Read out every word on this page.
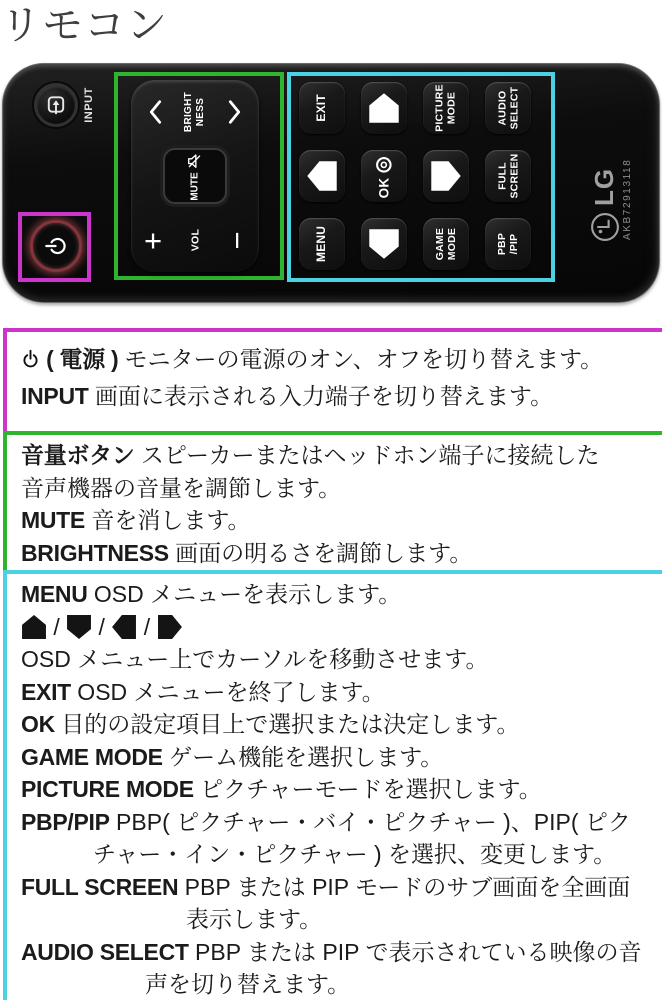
リモコン
INPUT	BRIGHT NESS
MUTE
+	VOL −
EXIT	PICTURE MODE	AUDIO SELECT
OK	FULL SCREEN
MENU	GAME MODE	PBP /PIP
LG AKB72913118
( 電源 ) モニターの電源のオン、オフを切り替えます。
INPUT 画面に表示される入力端子を切り替えます。
音量ボタン スピーカーまたはヘッドホン端子に接続した
音声機器の音量を調節します。
MUTE 音を消します。
BRIGHTNESS 画面の明るさを調節します。
MENU OSD メニューを表示します。
/
/
/
OSD メニュー上でカーソルを移動させます。
EXIT OSD メニューを終了します。
OK 目的の設定項目上で選択または決定します。
GAME MODE ゲーム機能を選択します。
PICTURE MODE ピクチャーモードを選択します。
PBP/PIP PBP( ピクチャー・バイ・ピクチャー )、PIP( ピク
チャー・イン・ピクチャー ) を選択、変更します。
FULL SCREEN PBP または PIP モードのサブ画面を全画面
表示します。
AUDIO SELECT PBP または PIP で表示されている映像の音
声を切り替えます。
